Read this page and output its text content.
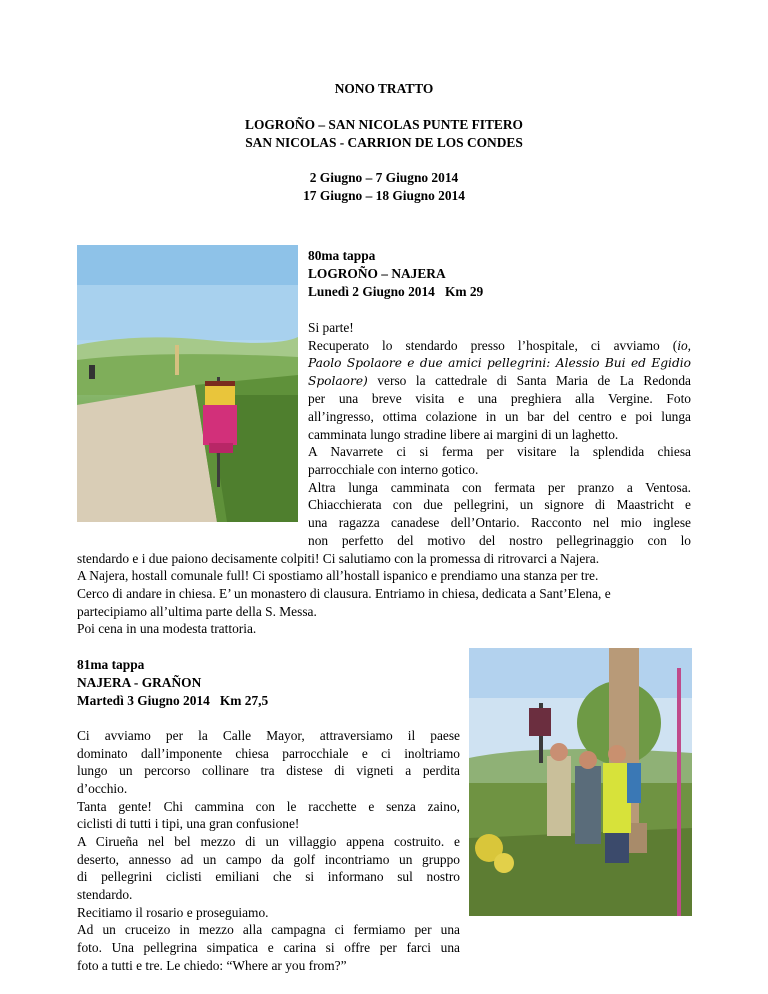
NONO TRATTO
LOGROÑO – SAN NICOLAS PUNTE FITERO
SAN NICOLAS - CARRION DE LOS CONDES
2 Giugno – 7 Giugno 2014
17 Giugno – 18 Giugno 2014
80ma tappa
LOGROÑO – NAJERA
Lunedì 2 Giugno 2014 Km 29
Si parte!
Recuperato lo stendardo presso l’hospitale, ci avviamo (io,
Paolo Spolaore e due amici pellegrini: Alessio Bui ed Egidio
Spolaore) verso la cattedrale di Santa Maria de La Redonda
per una breve visita e una preghiera alla Vergine. Foto
all’ingresso, ottima colazione in un bar del centro e poi lunga
camminata lungo stradine libere ai margini di un laghetto.
A Navarrete ci si ferma per visitare la splendida chiesa
parrocchiale con interno gotico.
Altra lunga camminata con fermata per pranzo a Ventosa.
Chiacchierata con due pellegrini, un signore di Maastricht e
una ragazza canadese dell’Ontario. Racconto nel mio inglese
non perfetto del motivo del nostro pellegrinaggio con lo
stendardo e i due paiono decisamente colpiti! Ci salutiamo con la promessa di ritrovarci a Najera.
A Najera, hostall comunale full! Ci spostiamo all’hostall ispanico e prendiamo una stanza per tre.
Cerco di andare in chiesa. E’ un monastero di clausura. Entriamo in chiesa, dedicata a Sant’Elena, e
partecipiamo all’ultima parte della S. Messa.
Poi cena in una modesta trattoria.
81ma tappa
NAJERA - GRAÑON
Martedì 3 Giugno 2014 Km 27,5
Ci avviamo per la Calle Mayor, attraversiamo il paese
dominato dall’imponente chiesa parrocchiale e ci inoltriamo
lungo un percorso collinare tra distese di vigneti a perdita
d’occhio.
Tanta gente! Chi cammina con le racchette e senza zaino,
ciclisti di tutti i tipi, una gran confusione!
A Cirueña nel bel mezzo di un villaggio appena costruito. e
deserto, annesso ad un campo da golf incontriamo un gruppo
di pellegrini ciclisti emiliani che si informano sul nostro
stendardo.
Recitiamo il rosario e proseguiamo.
Ad un cruceizo in mezzo alla campagna ci fermiamo per una
foto. Una pellegrina simpatica e carina si offre per farci una
foto a tutti e tre. Le chiedo: “Where ar you from?”
